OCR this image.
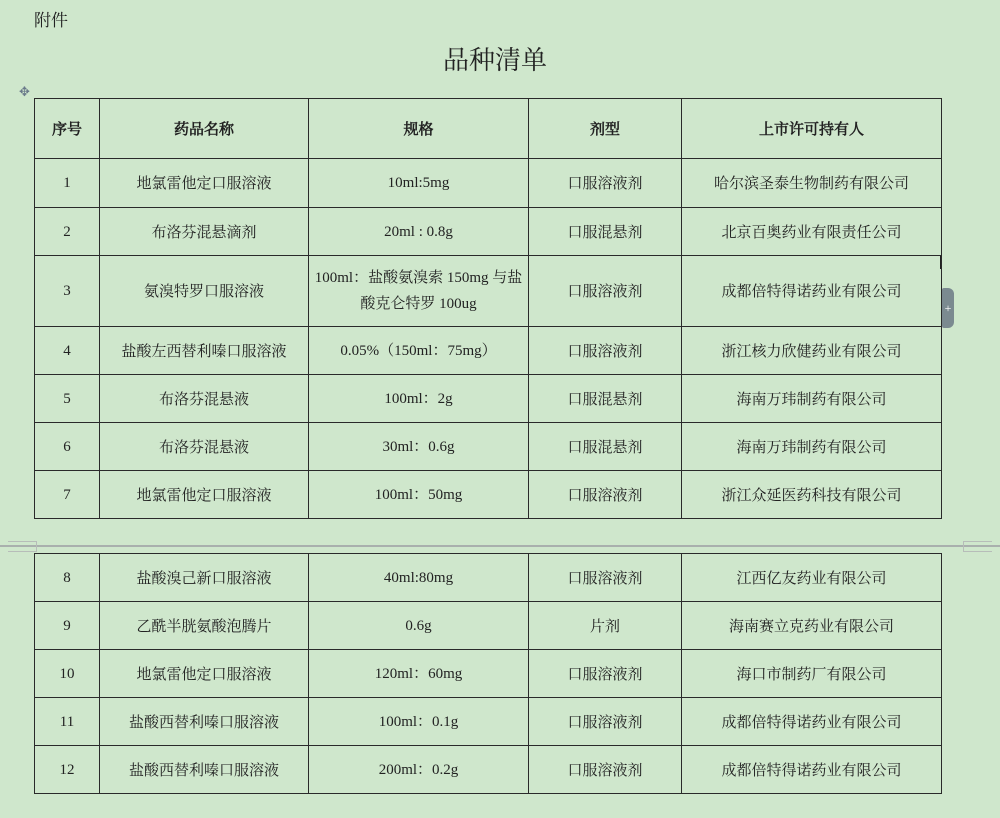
附件
品种清单
✥
+
序号	药品名称	规格	剂型	上市许可持有人
1	地氯雷他定口服溶液	10ml:5mg	口服溶液剂	哈尔滨圣泰生物制药有限公司
2	布洛芬混悬滴剂	20ml : 0.8g	口服混悬剂	北京百奥药业有限责任公司
3	氨溴特罗口服溶液	100ml：盐酸氨溴索 150mg 与盐酸克仑特罗 100ug	口服溶液剂	成都倍特得诺药业有限公司
4	盐酸左西替利嗪口服溶液	0.05%（150ml：75mg）	口服溶液剂	浙江核力欣健药业有限公司
5	布洛芬混悬液	100ml：2g	口服混悬剂	海南万玮制药有限公司
6	布洛芬混悬液	30ml：0.6g	口服混悬剂	海南万玮制药有限公司
7	地氯雷他定口服溶液	100ml：50mg	口服溶液剂	浙江众延医药科技有限公司
8	盐酸溴己新口服溶液	40ml:80mg	口服溶液剂	江西亿友药业有限公司
9	乙酰半胱氨酸泡腾片	0.6g	片剂	海南赛立克药业有限公司
10	地氯雷他定口服溶液	120ml：60mg	口服溶液剂	海口市制药厂有限公司
11	盐酸西替利嗪口服溶液	100ml：0.1g	口服溶液剂	成都倍特得诺药业有限公司
12	盐酸西替利嗪口服溶液	200ml：0.2g	口服溶液剂	成都倍特得诺药业有限公司
